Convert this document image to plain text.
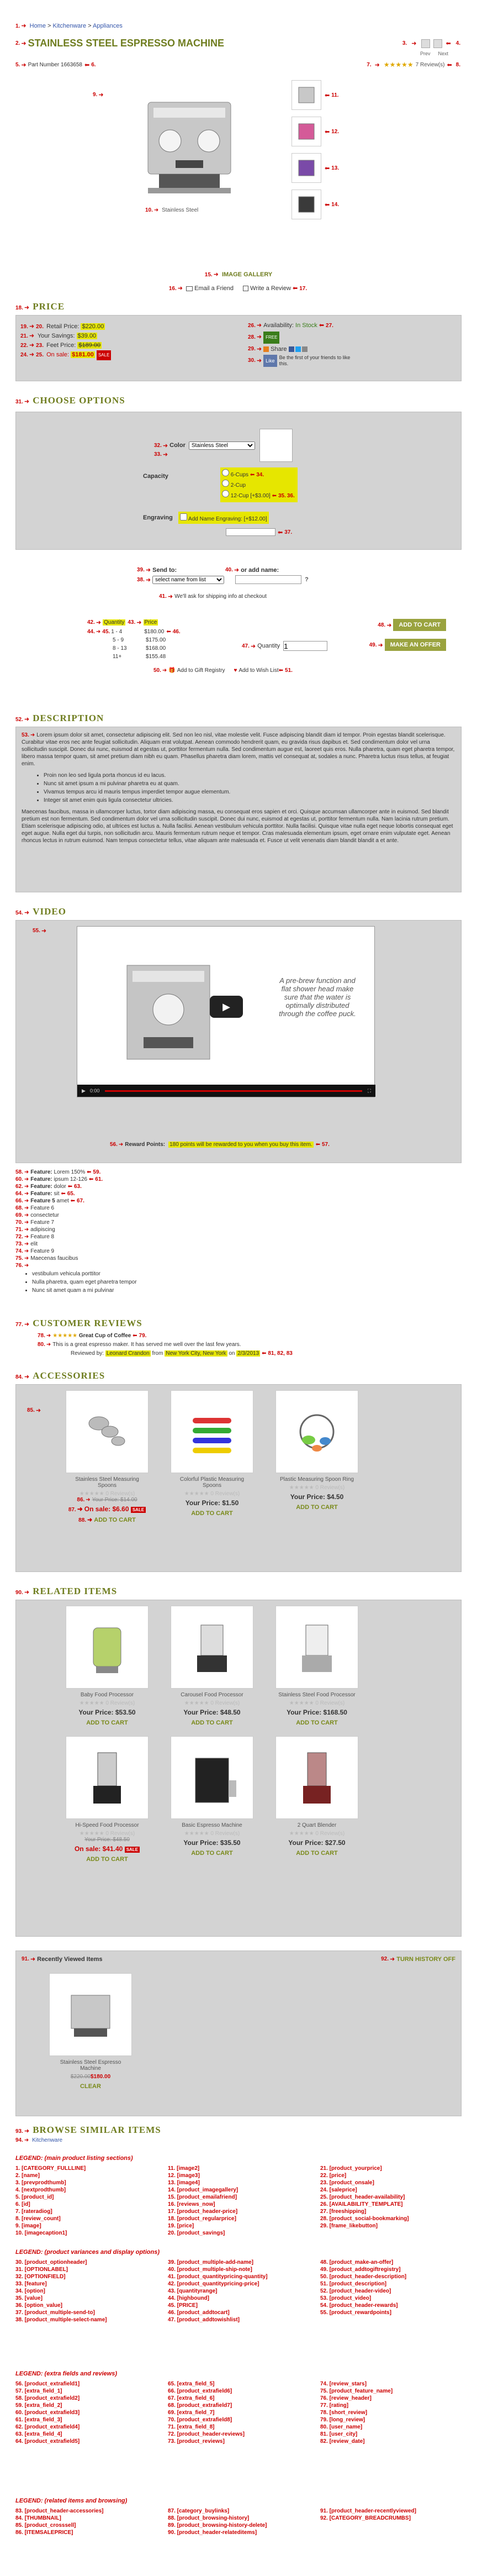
1. ➜ Home > Kitchenware > Appliances
2. ➜ STAINLESS STEEL ESPRESSO MACHINE	3. ➜	⬅ 4.
Prev Next
5. ➜ Part Number 1663658 ⬅ 6.	7. ➜ ★★★★★ 7 Review(s) ⬅ 8.
9. ➜
10. ➜ Stainless Steel
⬅ 11.
⬅ 12.
⬅ 13.
⬅ 14.
15. ➜ IMAGE GALLERY
16. ➜ Email a Friend	Write a Review ⬅ 17.
18. ➜ PRICE
19. ➜ 20. Retail Price: $220.00
21. ➜ Your Savings: $39.00
22. ➜ 23. Feet Price: $189.00
24. ➜ 25. On sale: $181.00 SALE
26. ➜ Availability: In Stock ⬅ 27.
28. ➜ FREE
29. ➜ Share
30. ➜ Like
Be the first of your friends to like this.
31. ➜ CHOOSE OPTIONS
32. ➜ Color
Stainless Steel
33. ➜
Capacity	6-Cups ⬅ 34.
2-Cup
12-Cup [+$3.00] ⬅ 35. 36.
Engraving	Add Name Engraving: [+$12.00]
⬅ 37.
39. ➜ Send to:	40. ➜ or add name:
38. ➜
select name from list	?
41. ➜ We'll ask for shipping info at checkout
42. ➜ Quantity 43. ➜ Price
44. ➜ 45. 1 - 4	$180.00 ⬅ 46.
5 - 9	$175.00
8 - 13	$168.00
11+	$155.48
47. ➜ Quantity
1
48. ➜	ADD TO CART
49. ➜	MAKE AN OFFER
50. ➜ 🎁 Add to Gift Registry ♥ Add to Wish List ⬅ 51.
52. ➜ DESCRIPTION

53. ➜ Lorem ipsum dolor sit amet, consectetur adipiscing elit. Sed non leo nisl, vitae molestie velit. Fusce adipiscing blandit diam id tempor. Proin egestas blandit scelerisque. Curabitur vitae eros nec ante feugiat sollicitudin. Aliquam erat volutpat. Aenean commodo hendrerit quam, eu gravida risus dapibus et. Sed condimentum dolor vel urna sollicitudin suscipit. Donec dui nunc, euismod at egestas ut, porttitor fermentum nulla. Sed condimentum augue est, laoreet quis eros. Nulla pharetra, quam eget pharetra tempor, libero massa tempor quam, sit amet pretium diam nibh eu quam. Phasellus pharetra diam lorem, mattis vel consequat at, sodales a nunc. Pharetra luctus risus tellus, at feugiat enim.

• Proin non leo sed ligula porta rhoncus id eu lacus.
• Nunc sit amet ipsum a mi pulvinar pharetra eu at quam.
• Vivamus tempus arcu id mauris tempus imperdiet tempor augue elementum.
• Integer sit amet enim quis ligula consectetur ultricies.

Maecenas faucibus, massa in ullamcorper luctus, tortor diam adipiscing massa, eu consequat eros sapien et orci. Quisque accumsan ullamcorper ante in euismod. Sed blandit pretium est non fermentum. Sed condimentum dolor vel urna sollicitudin suscipit. Donec dui nunc, euismod at egestas ut, porttitor fermentum nulla. Nam lacinia rutrum pretium. Etiam scelerisque adipiscing odio, at ultrices est luctus a. Nulla facilisi. Aenean vestibulum vehicula porttitor. Nulla facilisi. Quisque vitae nulla eget neque lobortis consequat eget eget augue. Nulla eget dui turpis, non sollicitudin arcu. Mauris fermentum rutrum neque et tempor. Cras malesuada elementum ipsum, eget ornare enim vulputate eget. Aenean rhoncus lectus in rutrum euismod. Nam tempus consectetur tellus, vitae aliquam ante malesuada et. Fusce ut velit venenatis diam blandit blandit a et ante.

54. ➜ VIDEO
55. ➜
A pre-brew function and flat shower head make sure that the water is optimally distributed through the coffee puck.
▶
▶ 0:00	⛶
56. ➜ Reward Points: 180 points will be rewarded to you when you buy this item. ⬅ 57.
58. ➜ Feature: Lorem 150% ⬅ 59.
60. ➜ Feature: ipsum 12-126 ⬅ 61.
62. ➜ Feature: dolor ⬅ 63.
64. ➜ Feature: sit ⬅ 65.
66. ➜ Feature 5 amet ⬅ 67.
68. ➜ Feature 6
69. ➜ consectetur
70. ➜ Feature 7
71. ➜ adipiscing
72. ➜ Feature 8
73. ➜ elit
74. ➜ Feature 9
75. ➜ Maecenas faucibus
76. ➜
• vestibulum vehicula porttitor
• Nulla pharetra, quam eget pharetra tempor
• Nunc sit amet quam a mi pulvinar
77. ➜ CUSTOMER REVIEWS
78. ➜ ★★★★★ Great Cup of Coffee ⬅ 79.
80. ➜ This is a great espresso maker. It has served me well over the last few years.
Reviewed by: Leonard Crandon from New York City, New York on 2/3/2013 ⬅ 81, 82, 83
84. ➜ ACCESSORIES
85. ➜
Stainless Steel Measuring Spoons
★★★★★ 0 Review(s)
86. ➜ Your Price: $14.00
87. ➜ On sale: $6.60 SALE
88. ➜ ADD TO CART
Colorful Plastic Measuring Spoons
★★★★★ 0 Review(s)
Your Price: $1.50
ADD TO CART
Plastic Measuring Spoon Ring
★★★★★ 0 Review(s)
Your Price: $4.50
ADD TO CART
90. ➜ RELATED ITEMS
Baby Food Processor
★★★★★ 0 Review(s)
Your Price: $53.50
ADD TO CART
Carousel Food Processor
★★★★★ 0 Review(s)
Your Price: $48.50
ADD TO CART
Stainless Steel Food Processor
★★★★★ 0 Review(s)
Your Price: $168.50
ADD TO CART
Hi-Speed Food Processor
★★★★★ 0 Review(s)
Your Price: $48.50
On sale: $41.40 SALE
ADD TO CART
Basic Espresso Machine
★★★★★ 0 Review(s)
Your Price: $35.50
ADD TO CART
2 Quart Blender
★★★★★ 0 Review(s)
Your Price: $27.50
ADD TO CART
91. ➜ Recently Viewed Items	92. ➜ TURN HISTORY OFF
Stainless Steel Espresso Machine
$220.00$180.00
CLEAR
93. ➜ BROWSE SIMILAR ITEMS
94. ➜ Kitchenware
LEGEND: (main product listing sections)
1. [CATEGORY_FULLLINE]
2. [name]
3. [prevprodthumb]
4. [nextprodthumb]
5. [product_id]
6. [id]
7. [rateradiog]
8. [review_count]
9. [image]
10. [imagecaption1]
11. [image2]
12. [image3]
13. [image4]
14. [product_imagegallery]
15. [product_emailafriend]
16. [reviews_now]
17. [product_header-price]
18. [product_regularprice]
19. [price]
20. [product_savings]
21. [product_yourprice]
22. [price]
23. [product_onsale]
24. [saleprice]
25. [product_header-availability]
26. [AVAILABILITY_TEMPLATE]
27. [freeshipping]
28. [product_social-bookmarking]
29. [frame_likebutton]
LEGEND: (product variances and display options)
30. [product_optionheader]
31. [OPTIONLABEL]
32. [OPTIONFIELD]
33. [feature]
34. [option]
35. [value]
36. [option_value]
37. [product_multiple-send-to]
38. [product_multiple-select-name]
39. [product_multiple-add-name]
40. [product_multiple-ship-note]
41. [product_quantitypricing-quantity]
42. [product_quantitypricing-price]
43. [quantityrange]
44. [highbound]
45. [PRICE]
46. [product_addtocart]
47. [product_addtowishlist]
48. [product_make-an-offer]
49. [product_addtogiftregistry]
50. [product_header-description]
51. [product_description]
52. [product_header-video]
53. [product_video]
54. [product_header-rewards]
55. [product_rewardpoints]
LEGEND: (extra fields and reviews)
56. [product_extrafield1]
57. [extra_field_1]
58. [product_extrafield2]
59. [extra_field_2]
60. [product_extrafield3]
61. [extra_field_3]
62. [product_extrafield4]
63. [extra_field_4]
64. [product_extrafield5]
65. [extra_field_5]
66. [product_extrafield6]
67. [extra_field_6]
68. [product_extrafield7]
69. [extra_field_7]
70. [product_extrafield8]
71. [extra_field_8]
72. [product_header-reviews]
73. [product_reviews]
74. [review_stars]
75. [product_feature_name]
76. [review_header]
77. [rating]
78. [short_review]
79. [long_review]
80. [user_name]
81. [user_city]
82. [review_date]
LEGEND: (related items and browsing)
83. [product_header-accessories]
84. [THUMBNAIL]
85. [product_crosssell]
86. [ITEMSALEPRICE]
87. [category_buylinks]
88. [product_browsing-history]
89. [product_browsing-history-delete]
90. [product_header-relateditems]
91. [product_header-recentlyviewed]
92. [CATEGORY_BREADCRUMBS]
